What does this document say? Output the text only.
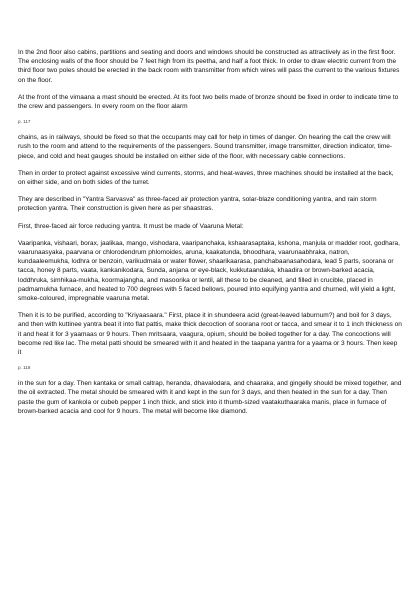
In the 2nd floor also cabins, partitions and seating and doors and windows should be constructed as attractively as in the first floor. The enclosing walls of the floor should be 7 feet high from its peetha, and half a foot thick. In order to draw electric current from the third floor two poles should be erected in the back room with transmitter from which wires will pass the current to the various fixtures on the floor.

At the front of the vimaana a mast should be erected. At its foot two bells made of bronze should be fixed in order to indicate time to the crew and passengers. In every room on the floor alarm

p. 117

chains, as in railways, should be fixed so that the occupants may call for help in times of danger. On hearing the call the crew will rush to the room and attend to the requirements of the passengers. Sound transmitter, image transmitter, direction indicator, time-piece, and cold and heat gauges should be installed on either side of the floor, with necessary cable connections.

Then in order to protect against excessive wind currents, storms, and heat-waves, three machines should be installed at the back, on either side, and on both sides of the turret.

They are described in "Yantra Sarvasva" as three-faced air protection yantra, solar-blaze conditioning yantra, and rain storm protection yantra. Their construction is given here as per shaastras.

First, three-faced air force reducing yantra. It must be made of Vaaruna Metal:

Vaaripanka, vishaari, borax, jaalikaa, mango, vishodara, vaaripanchaka, kshaarasaptaka, kshona, manjula or madder root, godhara, vaarunaasyaka, paarvana or chlorodendrum phlomoides, aruna, kaakatunda, bhoodhara, vaarunaabhraka, natron, kundaaleemukha, lodhra or benzoin, varikudmala or water flower, shaarikaarasa, panchabaanasahodara, lead 5 parts, soorana or tacca, honey 8 parts, vaata, kankanikodara, Sunda, anjana or eye-black, kukkutaandaka, khaadira or brown-barked acacia, loddhruka, simhikaa-mukha, koormajangha, and masoorika or lentil, all these to be cleaned, and filled in crucible, placed in padmamukha furnace, and heated to 700 degrees with 5 faced bellows, poured into equifying yantra and churned, will yield a light, smoke-coloured, impregnable vaaruna metal.

Then it is to be purified, according to "Kriyaasaara." First, place it in shundeera acid (great-leaved laburnum?) and boil for 3 days, and then with kuttinee yantra beat it into flat pattis, make thick decoction of soorana root or tacca, and smear it to 1 inch thickness on it and heat it for 3 yaamaas or 9 hours. Then mritsaara, vaagura, opium, should be boiled together for a day. The concoctions will become red like lac. The metal patti should be smeared with it and heated in the taapana yantra for a yaama or 3 hours. Then keep it

p. 118

in the sun for a day. Then kantaka or small caltrap, heranda, dhavalodara, and chaaraka, and gingelly should be mixed together, and the oil extracted. The metal should be smeared with it and kept in the sun for 3 days, and then heated in the sun for a day. Then paste the gum of kankola or cubeb pepper 1 inch thick, and stick into it thumb-sized vaatakuthaaraka manis, place in furnace of brown-barked acacia and cool for 9 hours. The metal will become like diamond.
